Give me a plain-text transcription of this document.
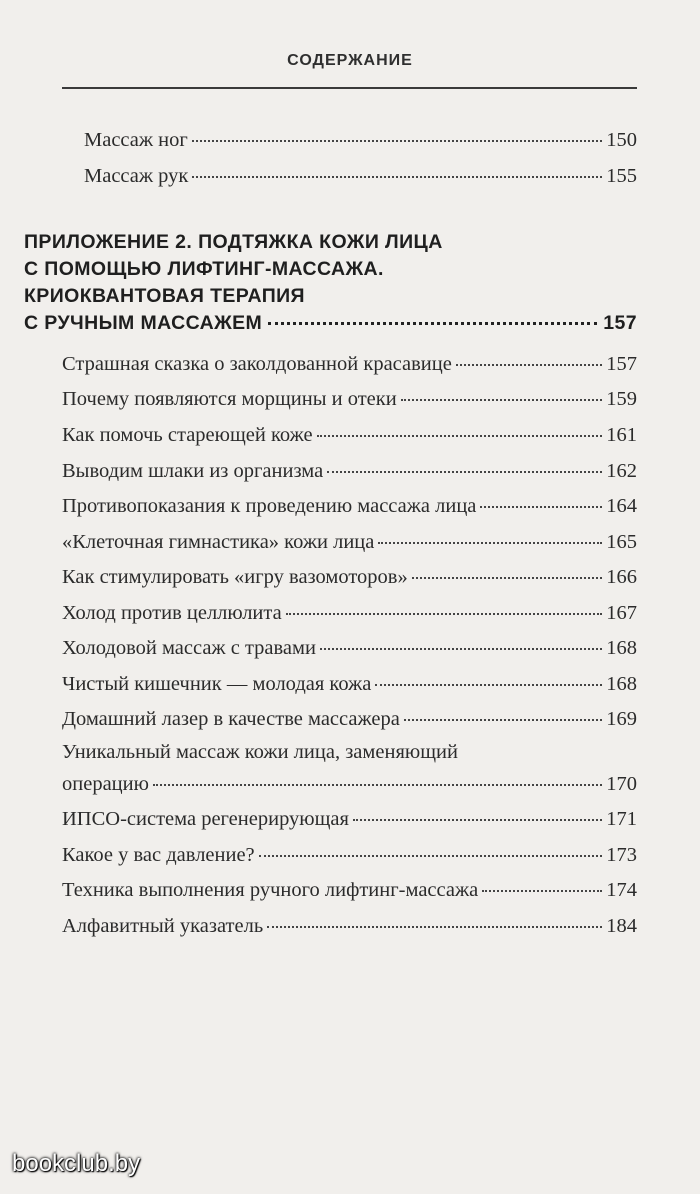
СОДЕРЖАНИЕ
Массаж ног	150
Массаж рук	155
ПРИЛОЖЕНИЕ 2. ПОДТЯЖКА КОЖИ ЛИЦА
С ПОМОЩЬЮ ЛИФТИНГ-МАССАЖА.
КРИОКВАНТОВАЯ ТЕРАПИЯ
С РУЧНЫМ МАССАЖЕМ	157
Страшная сказка о заколдованной красавице	157
Почему появляются морщины и отеки	159
Как помочь стареющей коже	161
Выводим шлаки из организма	162
Противопоказания к проведению массажа лица	164
«Клеточная гимнастика» кожи лица	165
Как стимулировать «игру вазомоторов»	166
Холод против целлюлита	167
Холодовой массаж с травами	168
Чистый кишечник — молодая кожа	168
Домашний лазер в качестве массажера	169
Уникальный массаж кожи лица, заменяющий
операцию	170
ИПСО-система регенерирующая	171
Какое у вас давление?	173
Техника выполнения ручного лифтинг-массажа	174
Алфавитный указатель	184
bookclub.by
